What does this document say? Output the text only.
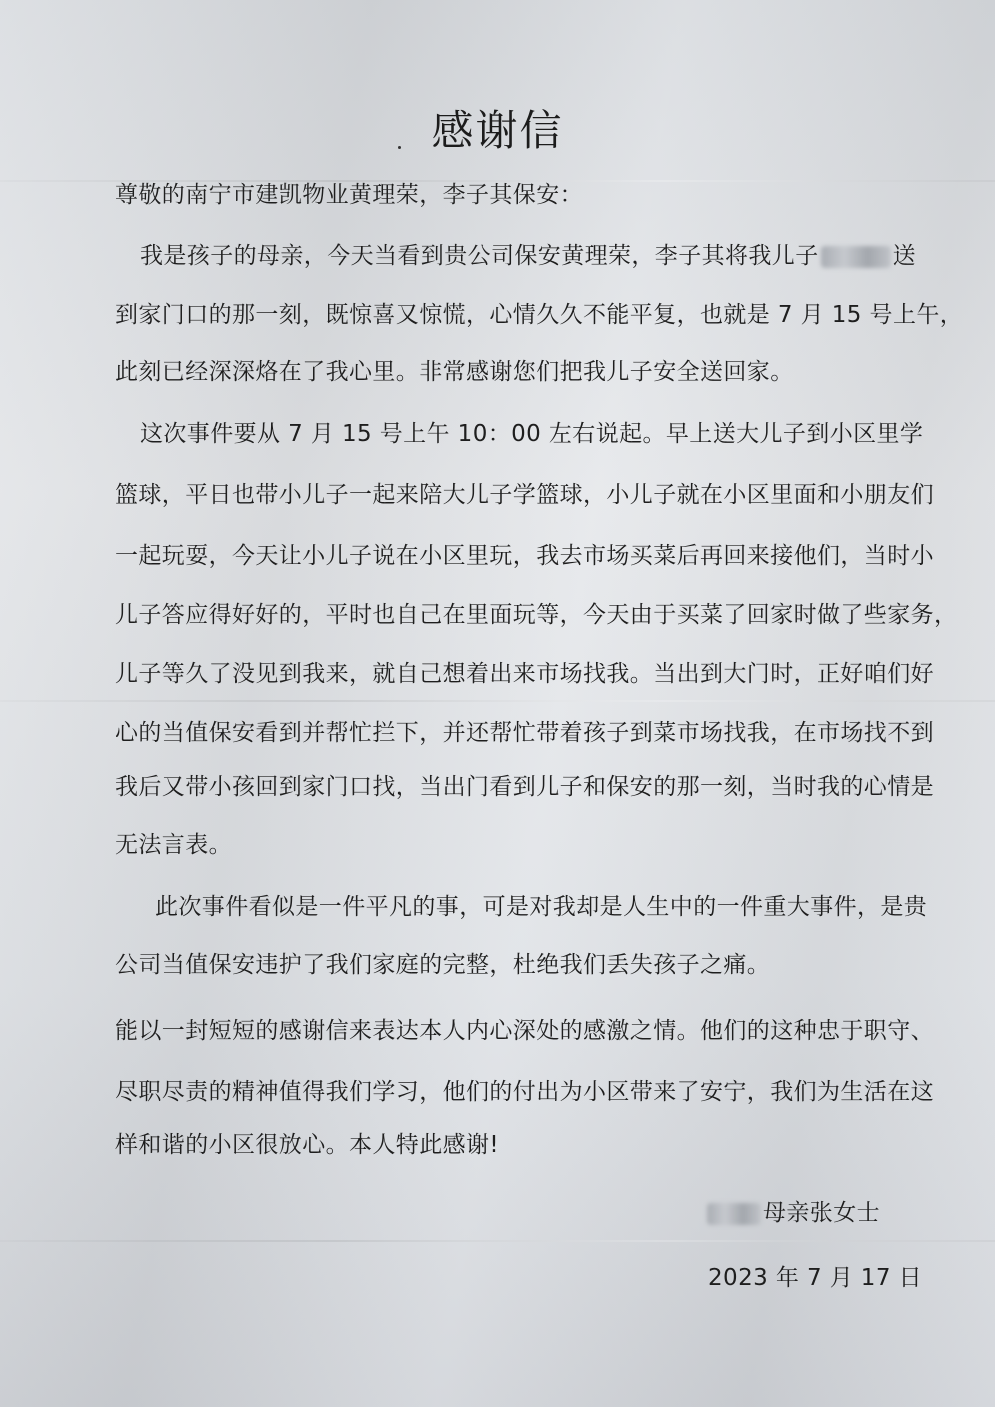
感谢信
尊敬的南宁市建凯物业黄理荣，李子其保安：
我是孩子的母亲，今天当看到贵公司保安黄理荣，李子其将我儿子	送
到家门口的那一刻，既惊喜又惊慌，心情久久不能平复，也就是 7 月 15 号上午，
此刻已经深深烙在了我心里。非常感谢您们把我儿子安全送回家。
这次事件要从 7 月 15 号上午 10：00 左右说起。早上送大儿子到小区里学
篮球，平日也带小儿子一起来陪大儿子学篮球，小儿子就在小区里面和小朋友们
一起玩耍，今天让小儿子说在小区里玩，我去市场买菜后再回来接他们，当时小
儿子答应得好好的，平时也自己在里面玩等，今天由于买菜了回家时做了些家务，
儿子等久了没见到我来，就自己想着出来市场找我。当出到大门时，正好咱们好
心的当值保安看到并帮忙拦下，并还帮忙带着孩子到菜市场找我，在市场找不到
我后又带小孩回到家门口找，当出门看到儿子和保安的那一刻，当时我的心情是
无法言表。
此次事件看似是一件平凡的事，可是对我却是人生中的一件重大事件，是贵
公司当值保安违护了我们家庭的完整，杜绝我们丢失孩子之痛。
能以一封短短的感谢信来表达本人内心深处的感激之情。他们的这种忠于职守、
尽职尽责的精神值得我们学习，他们的付出为小区带来了安宁，我们为生活在这
样和谐的小区很放心。本人特此感谢!
母亲张女士
2023 年 7 月 17 日
